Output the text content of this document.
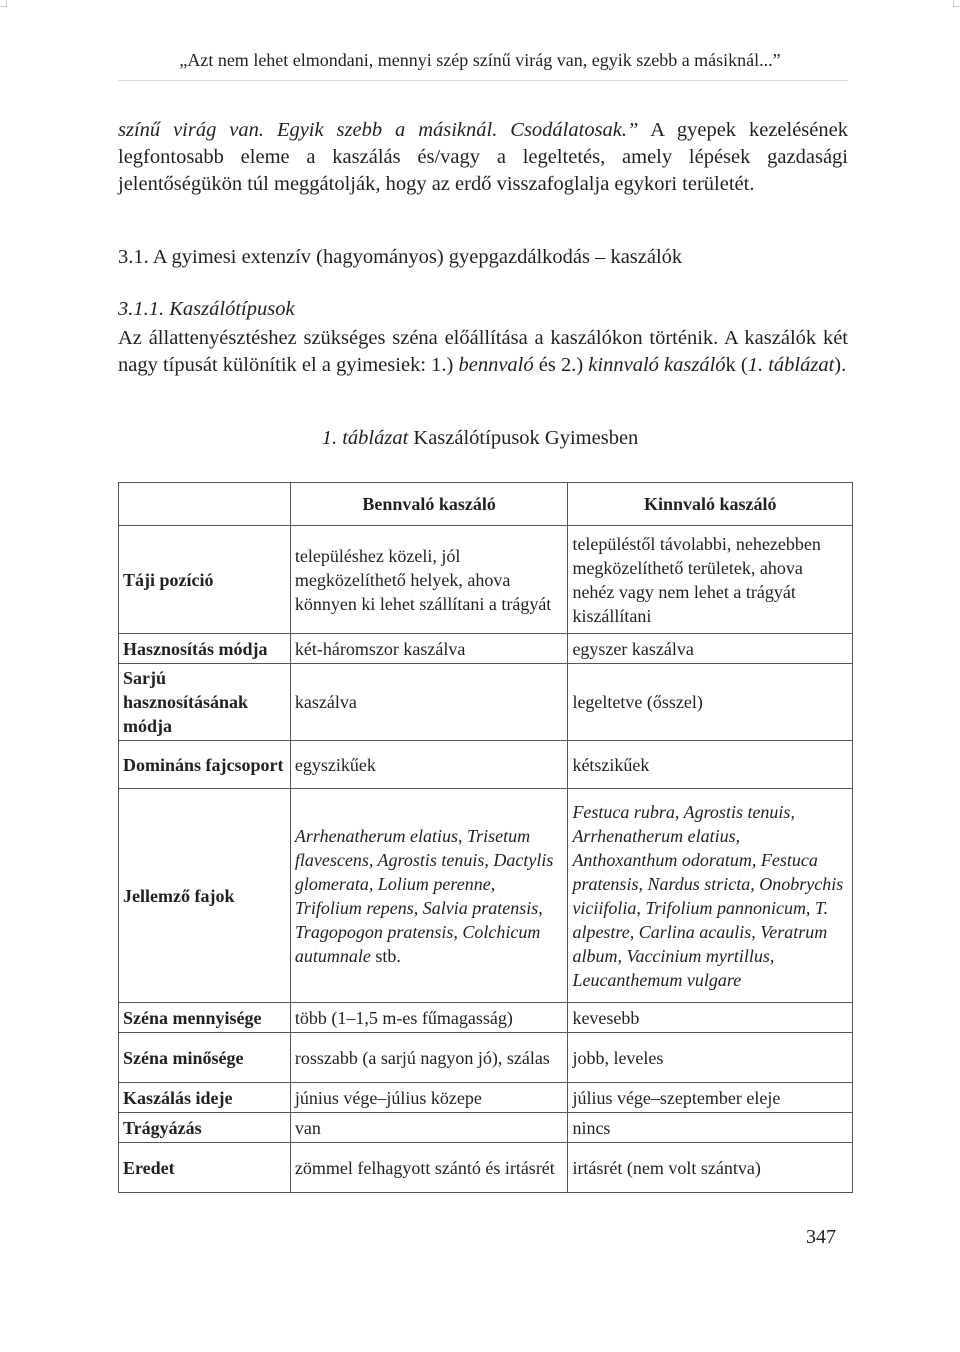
„Azt nem lehet elmondani, mennyi szép színű virág van, egyik szebb a másiknál...”
színű virág van. Egyik szebb a másiknál. Csodálatosak.” A gyepek kezelésének legfontosabb eleme a kaszálás és/vagy a legeltetés, amely lépések gazdasági jelentőségükön túl meggátolják, hogy az erdő visszafoglalja egykori területét.
3.1. A gyimesi extenzív (hagyományos) gyepgazdálkodás – kaszálók
3.1.1. Kaszálótípusok
Az állattenyésztéshez szükséges széna előállítása a kaszálókon történik. A kaszálók két nagy típusát különítik el a gyimesiek: 1.) bennvaló és 2.) kinnvaló kaszálók (1. táblázat).
1. táblázat Kaszálótípusok Gyimesben
	Bennvaló kaszáló	Kinnvaló kaszáló
Táji pozíció	településhez közeli, jól megközelíthető helyek, ahova könnyen ki lehet szállítani a trágyát	településtől távolabbi, nehezebben megközelíthető területek, ahova nehéz vagy nem lehet a trágyát kiszállítani
Hasznosítás módja	két-háromszor kaszálva	egyszer kaszálva
Sarjú hasznosításának módja	kaszálva	legeltetve (ősszel)
Domináns fajcsoport	egyszikűek	kétszikűek
Jellemző fajok	Arrhenatherum elatius, Trisetum flavescens, Agrostis tenuis, Dactylis glomerata, Lolium perenne, Trifolium repens, Salvia pratensis, Tragopogon pratensis, Colchicum autumnale stb.	Festuca rubra, Agrostis tenuis, Arrhenatherum elatius, Anthoxanthum odoratum, Festuca pratensis, Nardus stricta, Onobrychis viciifolia, Trifolium pannonicum, T. alpestre, Carlina acaulis, Veratrum album, Vaccinium myrtillus, Leucanthemum vulgare
Széna mennyisége	több (1–1,5 m-es fűmagasság)	kevesebb
Széna minősége	rosszabb (a sarjú nagyon jó), szálas	jobb, leveles
Kaszálás ideje	június vége–július közepe	július vége–szeptember eleje
Trágyázás	van	nincs
Eredet	zömmel felhagyott szántó és irtásrét	irtásrét (nem volt szántva)
347
